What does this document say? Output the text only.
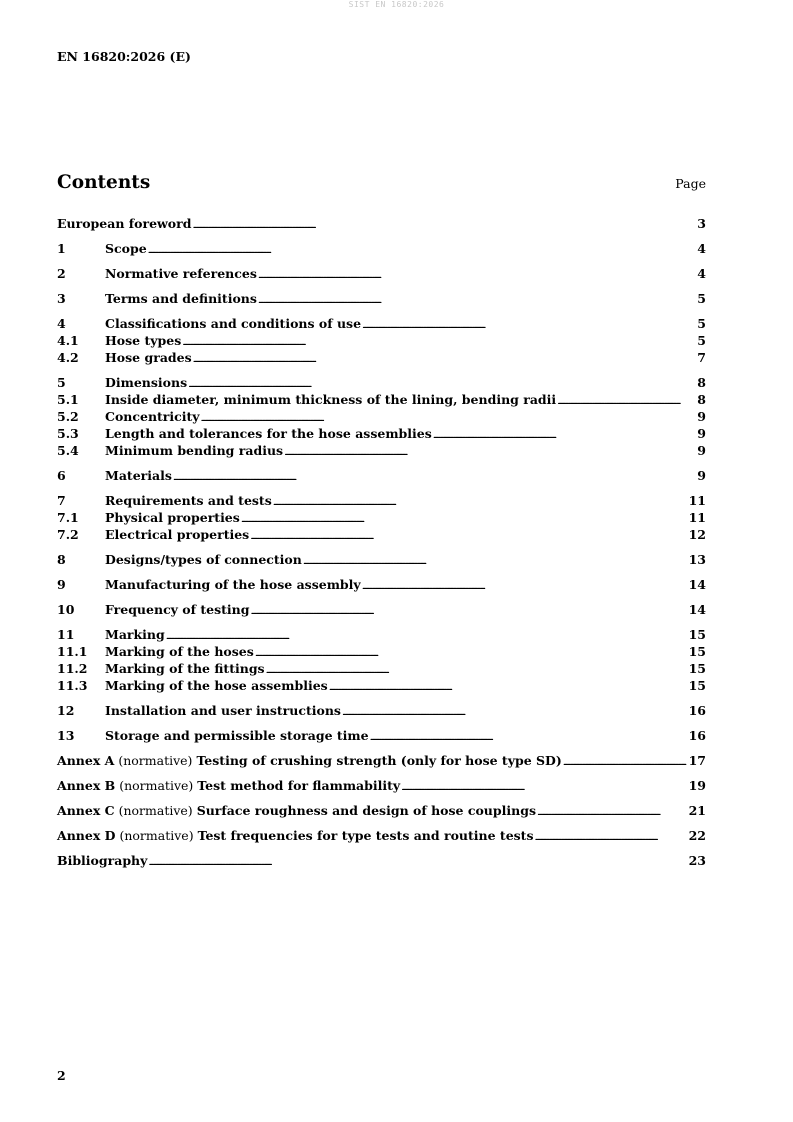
SIST EN 16820:2026
EN 16820:2026 (E)
Contents	Page
European foreword . . .	3
1	Scope . . .	4
2	Normative references . . .	4
3	Terms and definitions . . .	5
4	Classifications and conditions of use . . .	5
4.1	Hose types . . .	5
4.2	Hose grades . . .	7
5	Dimensions . . .	8
5.1	Inside diameter, minimum thickness of the lining, bending radii . . .	8
5.2	Concentricity . . .	9
5.3	Length and tolerances for the hose assemblies . . .	9
5.4	Minimum bending radius . . .	9
6	Materials . . .	9
7	Requirements and tests . . .	11
7.1	Physical properties . . .	11
7.2	Electrical properties . . .	12
8	Designs/types of connection . . .	13
9	Manufacturing of the hose assembly . . .	14
10	Frequency of testing . . .	14
11	Marking . . .	15
11.1	Marking of the hoses . . .	15
11.2	Marking of the fittings . . .	15
11.3	Marking of the hose assemblies . . .	15
12	Installation and user instructions . . .	16
13	Storage and permissible storage time . . .	16
Annex A (normative) Testing of crushing strength (only for hose type SD) . . .	17
Annex B (normative) Test method for flammability . . .	19
Annex C (normative) Surface roughness and design of hose couplings . . .	21
Annex D (normative) Test frequencies for type tests and routine tests . . .	22
Bibliography . . .	23
2
